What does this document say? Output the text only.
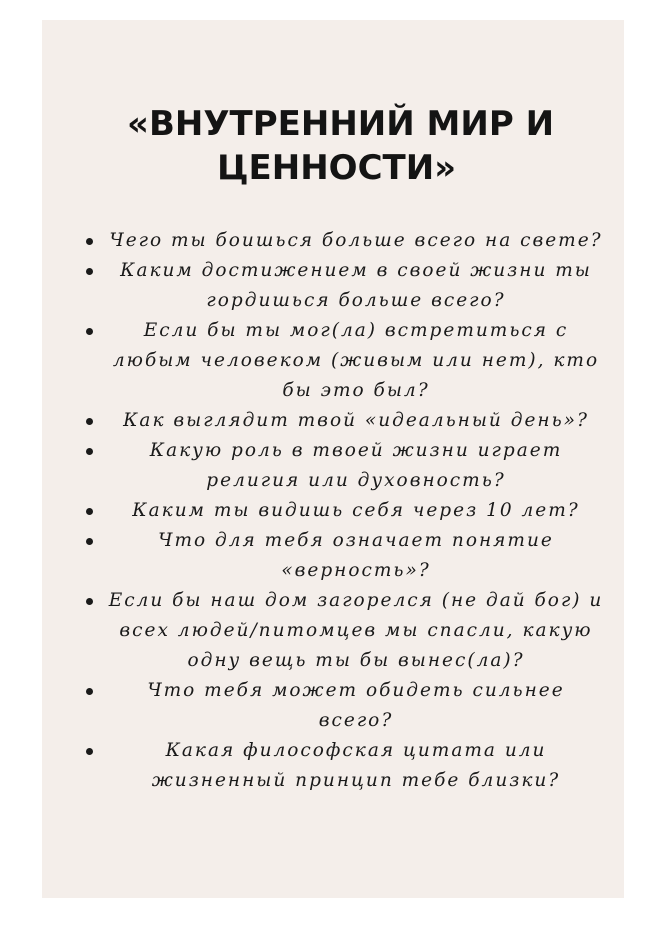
«ВНУТРЕННИЙ МИР И
ЦЕННОСТИ»
Чего ты боишься больше всего на свете?
Каким достижением в своей жизни ты гордишься больше всего?
Если бы ты мог(ла) встретиться с любым человеком (живым или нет), кто бы это был?
Как выглядит твой «идеальный день»?
Какую роль в твоей жизни играет религия или духовность?
Каким ты видишь себя через 10 лет?
Что для тебя означает понятие «верность»?
Если бы наш дом загорелся (не дай бог) и всех людей/питомцев мы спасли, какую одну вещь ты бы вынес(ла)?
Что тебя может обидеть сильнее всего?
Какая философская цитата или жизненный принцип тебе близки?
